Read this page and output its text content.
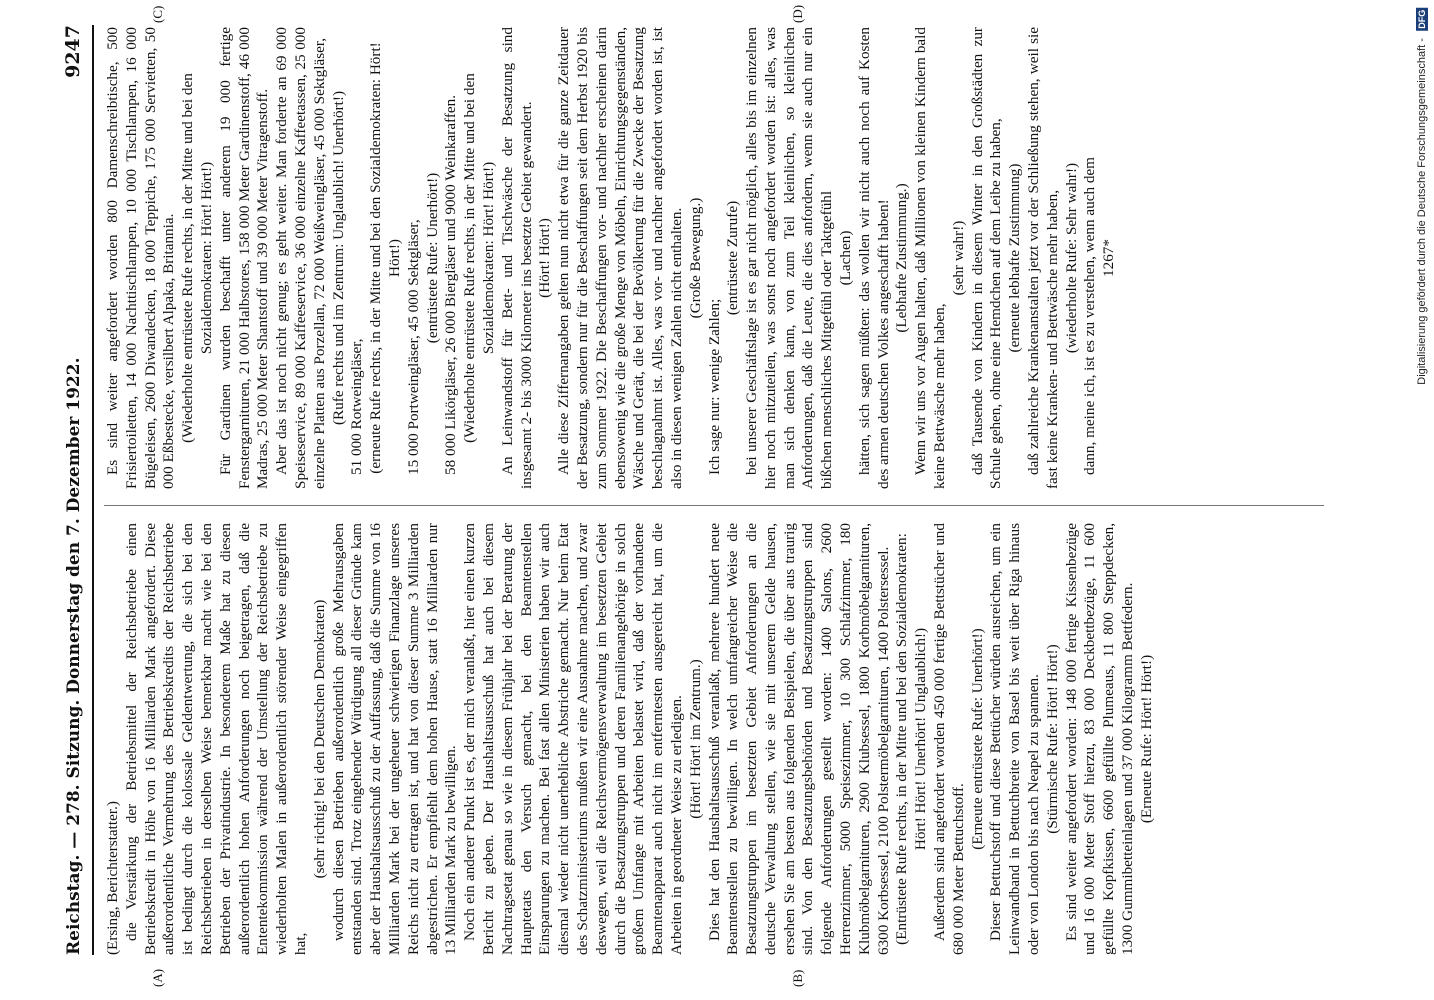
Reichstag. — 278. Sitzung. Donnerstag den 7. Dezember 1922.
9247
(A)	(B)
(C)	(D)

(Ersing, Berichterstatter.) die Verstärkung der Betriebsmittel der Reichsbetriebe einen Betriebskredit in Höhe von 16 Milliarden Mark angefordert. Diese außerordentliche Vermehrung des Betriebskredits der Reichsbetriebe ist bedingt durch die kolossale Geldentwertung, die sich bei den Reichsbetrieben in derselben Weise bemerkbar macht wie bei den Betrieben der Privatindustrie. In besonderem Maße hat zu diesen außerordentlich hohen Anforderungen noch beigetragen, daß die Ententekommission während der Umstellung der Reichsbetriebe zu wiederholten Malen in außerordentlich störender Weise eingegriffen hat,

(sehr richtig! bei den Deutschen Demokraten) wodurch diesen Betrieben außerordentlich große Mehrausgaben entstanden sind. Trotz eingehender Würdigung all dieser Gründe kam aber der Haushaltsausschuß zu der Auffassung, daß die Summe von 16 Milliarden Mark bei der ungeheuer schwierigen Finanzlage unseres Reichs nicht zu ertragen ist, und hat von dieser Summe 3 Milliarden abgestrichen. Er empfiehlt dem hohen Hause, statt 16 Milliarden nur 13 Milliarden Mark zu bewilligen. Noch ein anderer Punkt ist es, der mich veranlaßt, hier einen kurzen Bericht zu geben. Der Haushaltsausschuß hat auch bei diesem Nachtragsetat genau so wie in diesem Frühjahr bei der Beratung der Hauptetats den Versuch gemacht, bei den Beamtenstellen Einsparungen zu machen. Bei fast allen Ministerien haben wir auch diesmal wieder nicht unerhebliche Abstriche gemacht. Nur beim Etat des Schatzministeriums mußten wir eine Ausnahme machen, und zwar deswegen, weil die Reichsvermögensverwaltung im besetzten Gebiet durch die Besatzungstruppen und deren Familienangehörige in solch großem Umfange mit Arbeiten belastet wird, daß der vorhandene Beamtenapparat auch nicht im entferntesten ausgereicht hat, um die Arbeiten in geordneter Weise zu erledigen. (Hört! Hört! im Zentrum.) Dies hat den Haushaltsausschuß veranlaßt, mehrere hundert neue Beamtenstellen zu bewilligen. In welch umfangreicher Weise die Besatzungstruppen im besetzten Gebiet Anforderungen an die deutsche Verwaltung stellen, wie sie mit unserem Gelde hausen, ersehen Sie am besten aus folgenden Beispielen, die über aus traurig sind. Von den Besatzungsbehörden und Besatzungstruppen sind folgende Anforderungen gestellt worden: 1400 Salons, 2600 Herrenzimmer, 5000 Speisezimmer, 10 300 Schlafzimmer, 180 Klubmöbelgarnituren, 2900 Klubsessel, 1800 Korbmöbelgarnituren, 6300 Korbsessel, 2100 Polstermöbelgarnituren, 1400 Polstersessel. (Entrüstete Rufe rechts, in der Mitte und bei den Sozialdemokraten: Hört! Hört! Unerhört! Unglaublich!) Außerdem sind angefordert worden 450 000 fertige Bettstücher und 680 000 Meter Bettuchstoff.

(Erneute entrüstete Rufe: Unerhört!) Dieser Bettuchstoff und diese Bettücher würden ausreichen, um ein Leinwandband in Bettuchbreite von Basel bis weit über Riga hinaus oder von London bis nach Neapel zu spannen. (Stürmische Rufe: Hört! Hört!) Es sind weiter angefordert worden: 148 000 fertige Kissenbezüge und 16 000 Meter Stoff hierzu, 83 000 Deckbettbezüge, 11 600 gefüllte Kopfkissen, 6600 gefüllte Plumeaus, 11 800 Steppdecken, 1300 Gummibetteinlagen und 37 000 Kilogramm Bettfedern. (Erneute Rufe: Hört! Hört!)

Es sind weiter angefordert worden 800 Damenschreibtische, 500 Frisiertoiletten, 14 000 Nachttischlampen, 10 000 Tischlampen, 16 000 Bügeleisen, 2600 Diwandecken, 18 000 Teppiche, 175 000 Servietten, 50 000 Eßbestecke, versilbert Alpaka, Britannia. (Wiederholte entrüstete Rufe rechts, in der Mitte und bei den Sozialdemokraten: Hört! Hört!) Für Gardinen wurden beschafft unter anderem 19 000 fertige Fenstergarnituren, 21 000 Halbstores, 158 000 Meter Gardinenstoff, 46 000 Madras, 25 000 Meter Shantstoff und 39 000 Meter Vitragenstoff. Aber das ist noch nicht genug; es geht weiter. Man forderte an 69 000 Speiseservice, 89 000 Kaffeeservice, 36 000 einzelne Kaffeetassen, 25 000 einzelne Platten aus Porzellan, 72 000 Weißweingläser, 45 000 Sektgläser, (Rufe rechts und im Zentrum: Unglaublich! Unerhört!) 51 000 Rotweingläser, (erneute Rufe rechts, in der Mitte und bei den Sozialdemokraten: Hört! Hört!) 15 000 Portweingläser, 45 000 Sektgläser, (entrüstete Rufe: Unerhört!) 58 000 Likörgläser, 26 000 Biergläser und 9000 Weinkaraffen. (Wiederholte entrüstete Rufe rechts, in der Mitte und bei den Sozialdemokraten: Hört! Hört!) An Leinwandstoff für Bett- und Tischwäsche der Besatzung sind insgesamt 2- bis 3000 Kilometer ins besetzte Gebiet gewandert. (Hört! Hört!) Alle diese Ziffernangaben gelten nun nicht etwa für die ganze Zeitdauer der Besatzung, sondern nur für die Beschaffungen seit dem Herbst 1920 bis zum Sommer 1922. Die Beschaffungen vor- und nachher erscheinen darin ebensowenig wie die große Menge von Möbeln, Einrichtungsgegenständen, Wäsche und Gerät, die bei der Bevölkerung für die Zwecke der Besatzung beschlagnahmt ist. Alles, was vor- und nachher angefordert worden ist, ist also in diesen wenigen Zahlen nicht enthalten. (Große Bewegung.)

Ich sage nur: wenige Zahlen;

(entrüstete Zurufe) bei unserer Geschäftslage ist es gar nicht möglich, alles bis im einzelnen hier noch mitzuteilen, was sonst noch angefordert worden ist: alles, was man sich denken kann, von zum Teil kleinlichen, so kleinlichen Anforderungen, daß die Leute, die dies anfordern, wenn sie auch nur ein bißchen menschliches Mitgefühl oder Taktgefühl (Lachen) hätten, sich sagen müßten: das wollen wir nicht auch noch auf Kosten des armen deutschen Volkes angeschafft haben! (Lebhafte Zustimmung.) Wenn wir uns vor Augen halten, daß Millionen von kleinen Kindern bald keine Bettwäsche mehr haben,

(sehr wahr!) daß Tausende von Kindern in diesem Winter in den Großstädten zur Schule gehen, ohne eine Hemdchen auf dem Leibe zu haben, (erneute lebhafte Zustimmung) daß zahlreiche Krankenanstalten jetzt vor der Schließung stehen, weil sie fast keine Kranken- und Bettwäsche mehr haben, (wiederholte Rufe: Sehr wahr!) dann, meine ich, ist es zu verstehen, wenn auch dem 1267*	Digitalisierung gefördert durch die Deutsche Forschungsgemeinschaft - DFG
